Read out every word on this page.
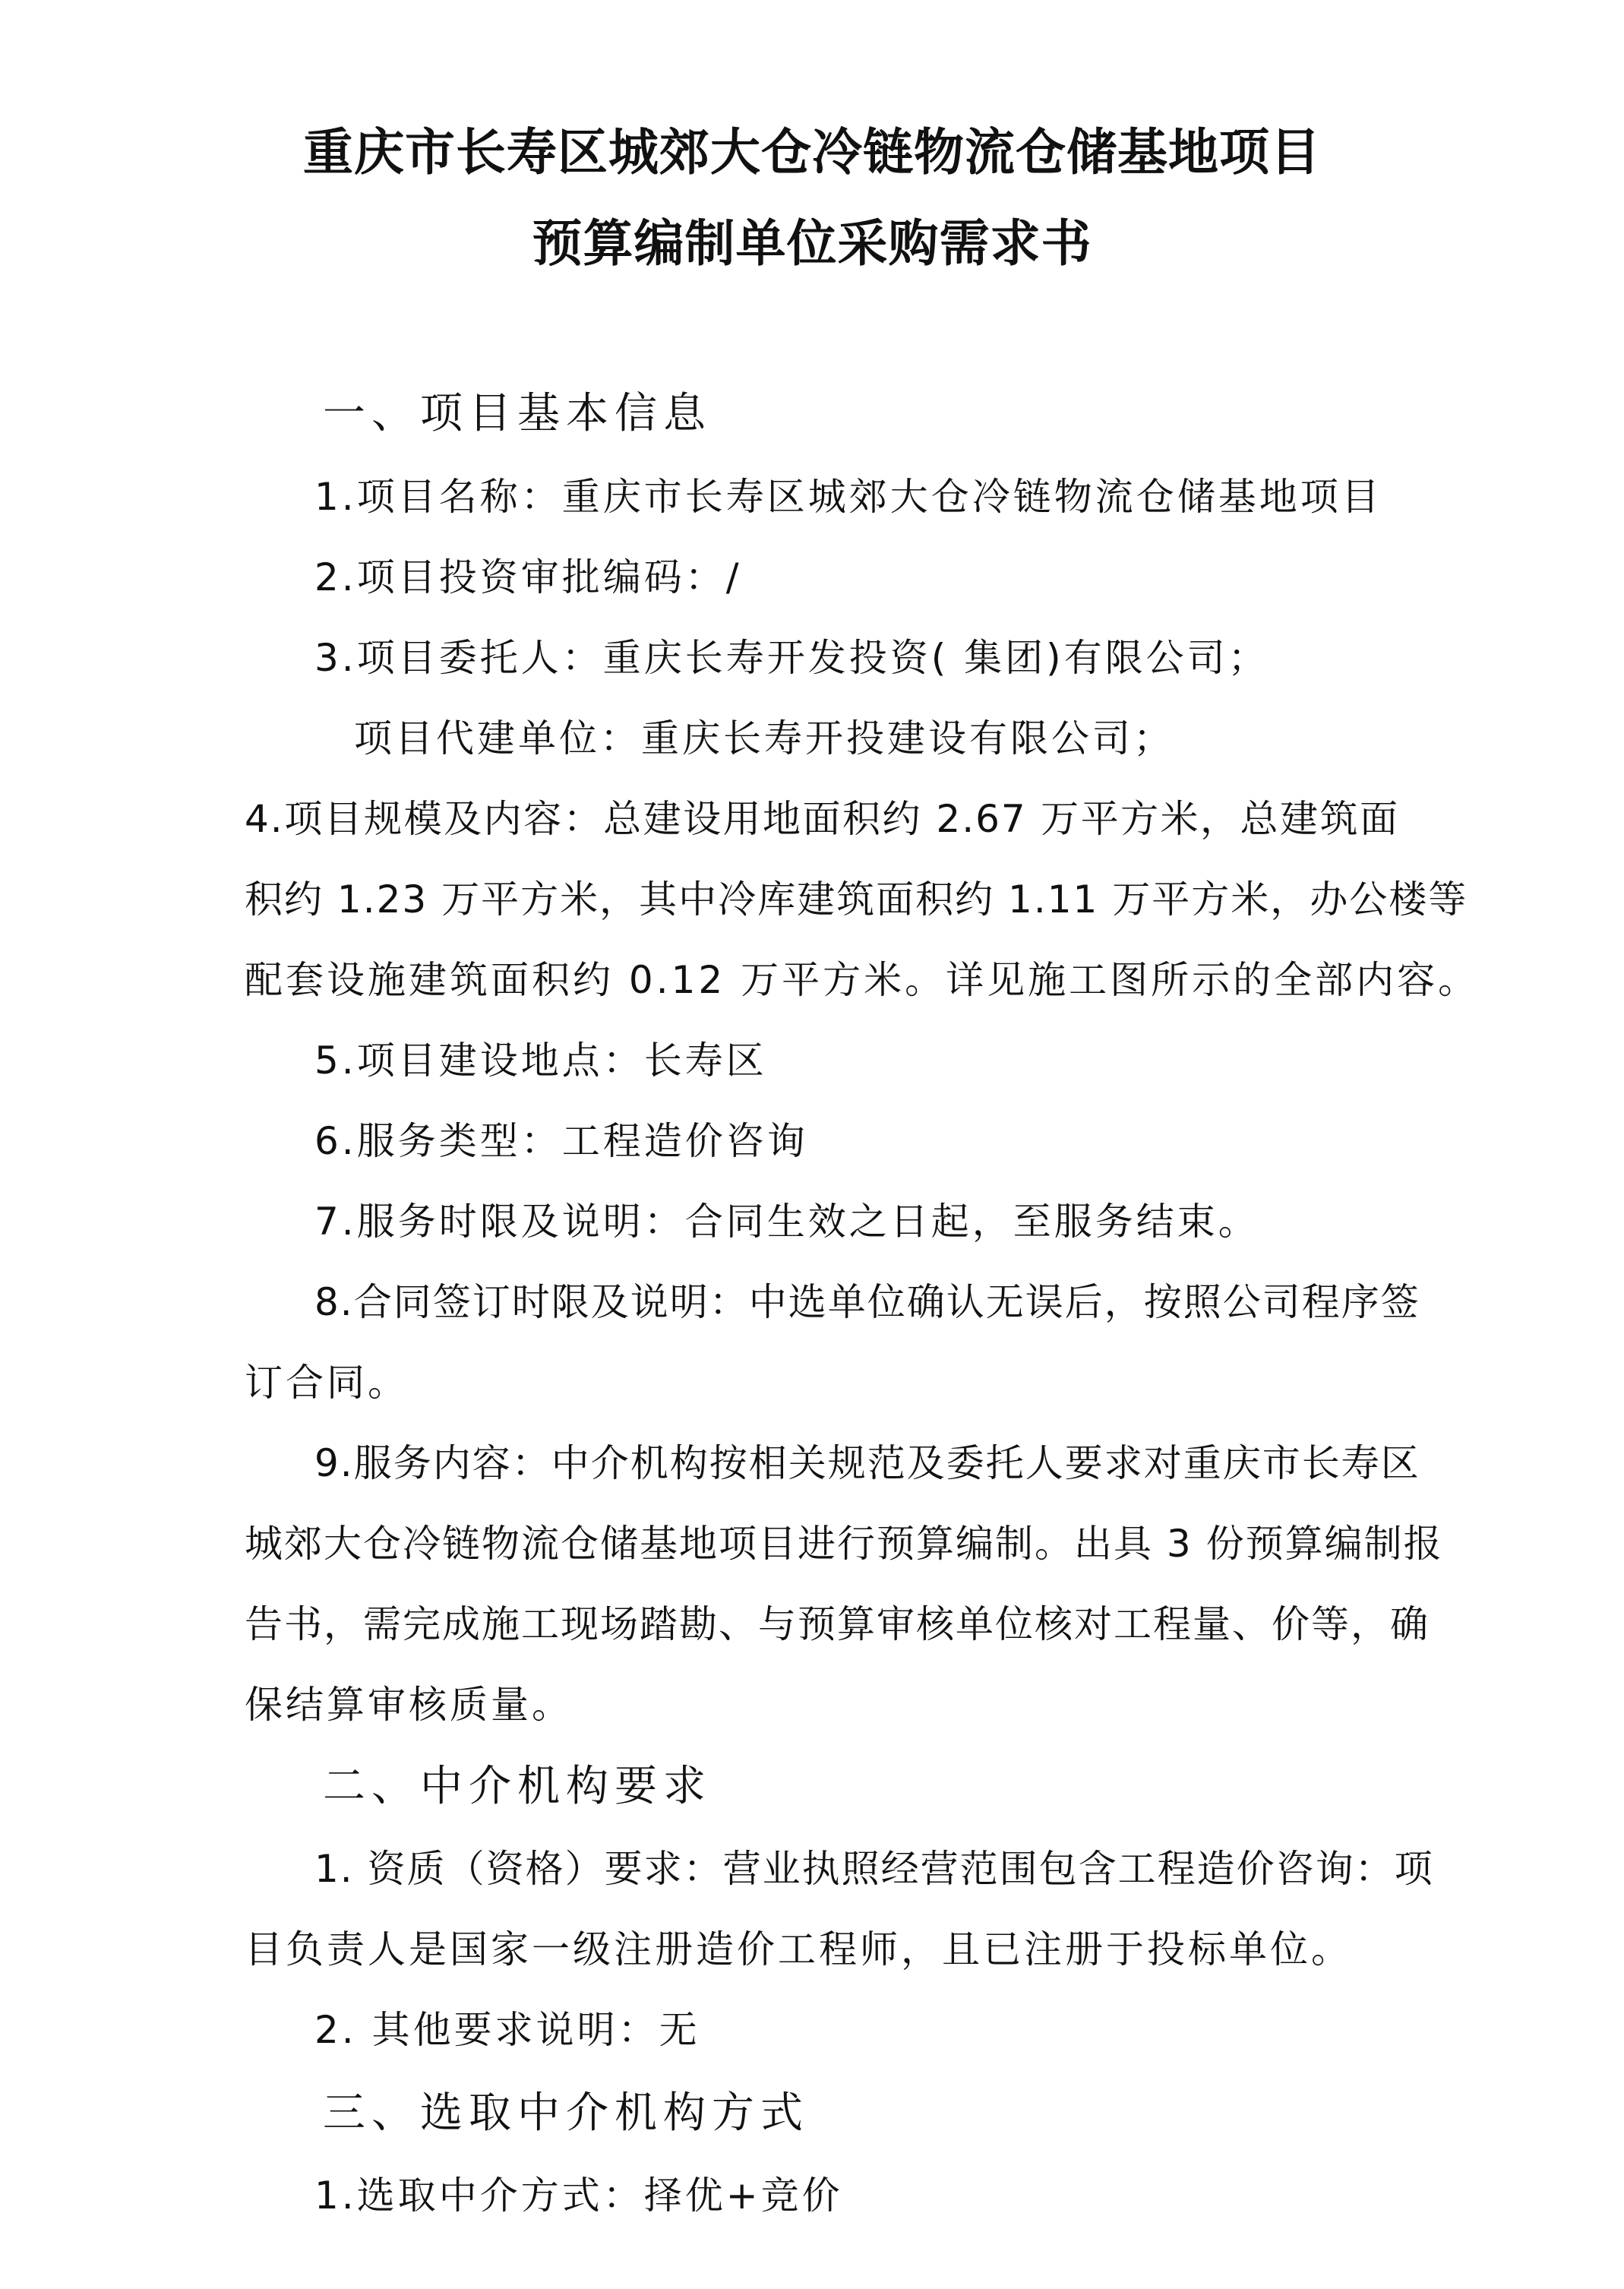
重庆市长寿区城郊大仓冷链物流仓储基地项目
预算编制单位采购需求书
一、项目基本信息
1.项目名称：重庆市长寿区城郊大仓冷链物流仓储基地项目
2.项目投资审批编码：/
3.项目委托人：重庆长寿开发投资( 集团)有限公司；
项目代建单位：重庆长寿开投建设有限公司；
4.项目规模及内容：总建设用地面积约 2.67 万平方米，总建筑面
积约 1.23 万平方米，其中冷库建筑面积约 1.11 万平方米，办公楼等
配套设施建筑面积约 0.12 万平方米。详见施工图所示的全部内容。
5.项目建设地点：长寿区
6.服务类型：工程造价咨询
7.服务时限及说明：合同生效之日起，至服务结束。
8.合同签订时限及说明：中选单位确认无误后，按照公司程序签
订合同。
9.服务内容：中介机构按相关规范及委托人要求对重庆市长寿区
城郊大仓冷链物流仓储基地项目进行预算编制。出具 3 份预算编制报
告书，需完成施工现场踏勘、与预算审核单位核对工程量、价等，确
保结算审核质量。
二、中介机构要求
1. 资质（资格）要求：营业执照经营范围包含工程造价咨询：项
目负责人是国家一级注册造价工程师，且已注册于投标单位。
2. 其他要求说明：无
三、选取中介机构方式
1.选取中介方式：择优+竞价
